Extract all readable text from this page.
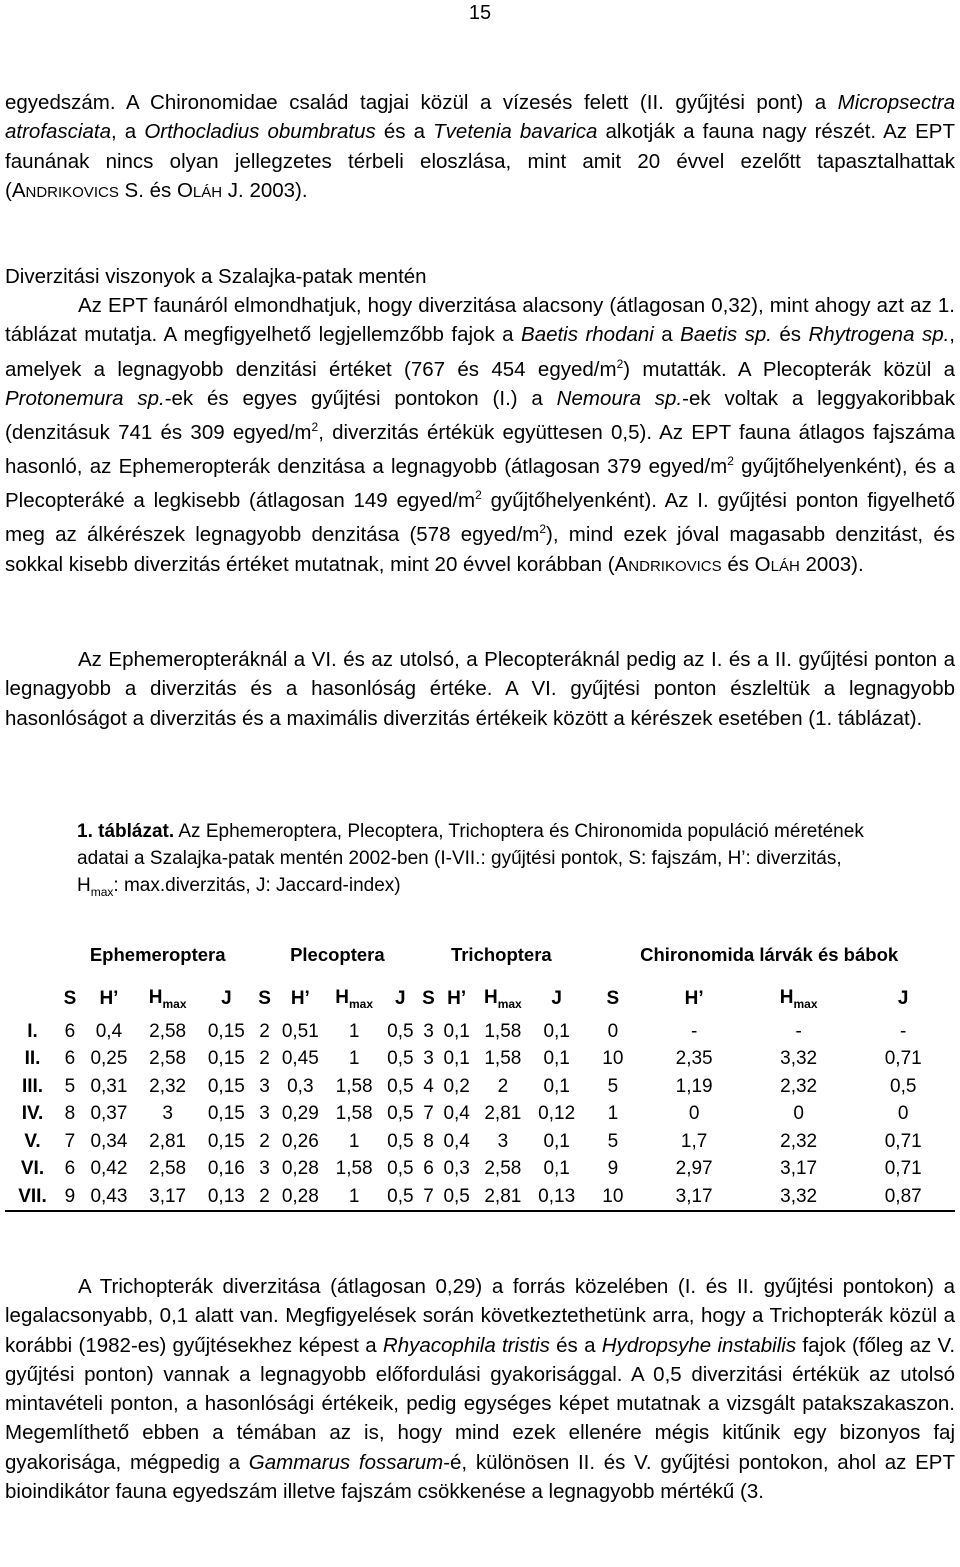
15

egyedszám. A Chironomidae család tagjai közül a vízesés felett (II. gyűjtési pont) a Micropsectra atrofasciata, a Orthocladius obumbratus és a Tvetenia bavarica alkotják a fauna nagy részét. Az EPT faunának nincs olyan jellegzetes térbeli eloszlása, mint amit 20 évvel ezelőtt tapasztalhattak (ANDRIKOVICS S. és OLÁH J. 2003).

Diverzitási viszonyok a Szalajka-patak mentén

Az EPT faunáról elmondhatjuk, hogy diverzitása alacsony (átlagosan 0,32), mint ahogy azt az 1. táblázat mutatja. A megfigyelhető legjellemzőbb fajok a Baetis rhodani a Baetis sp. és Rhytrogena sp., amelyek a legnagyobb denzitási értéket (767 és 454 egyed/$m^2$) mutatták. A Plecopterák közül a Protonemura sp.-ek és egyes gyűjtési pontokon (I.) a Nemoura sp.-ek voltak a leggyakoribbak (denzitásuk 741 és 309 egyed/$m^2$, diverzitás értékük együttesen 0,5). Az EPT fauna átlagos fajszáma hasonló, az Ephemeropterák denzitása a legnagyobb (átlagosan 379 egyed/$m^2$ gyűjtőhelyenként), és a Plecopteráké a legkisebb (átlagosan 149 egyed/$m^2$ gyűjtőhelyenként). Az I. gyűjtési ponton figyelhető meg az álkérészek legnagyobb denzitása (578 egyed/$m^2$), mind ezek jóval magasabb denzitást, és sokkal kisebb diverzitás értéket mutatnak, mint 20 évvel korábban (ANDRIKOVICS és OLÁH 2003).

Az Ephemeropteráknál a VI. és az utolsó, a Plecopteráknál pedig az I. és a II. gyűjtési ponton a legnagyobb a diverzitás és a hasonlóság értéke. A VI. gyűjtési ponton észleltük a legnagyobb hasonlóságot a diverzitás és a maximális diverzitás értékeik között a kérészek esetében (1. táblázat).

1. táblázat. Az Ephemeroptera, Plecoptera, Trichoptera és Chironomida populáció méretének adatai a Szalajka-patak mentén 2002-ben (I-VII.: gyűjtési pontok, S: fajszám, H’: diverzitás, $H_{max}$: max.diverzitás, J: Jaccard-index)

	Ephemeroptera				Plecoptera				Trichoptera				Chironomida lárvák és bábok			
	S	H’	$H_{max}$	J	S	H’	$H_{max}$	J	S	H’	$H_{max}$	J	S	H’	$H_{max}$	J
I.	6	0,4	2,58	0,15	2	0,51	1	0,5	3	0,1	1,58	0,1	0	-	-	-
II.	6	0,25	2,58	0,15	2	0,45	1	0,5	3	0,1	1,58	0,1	10	2,35	3,32	0,71
III.	5	0,31	2,32	0,15	3	0,3	1,58	0,5	4	0,2	2	0,1	5	1,19	2,32	0,5
IV.	8	0,37	3	0,15	3	0,29	1,58	0,5	7	0,4	2,81	0,12	1	0	0	0
V.	7	0,34	2,81	0,15	2	0,26	1	0,5	8	0,4	3	0,1	5	1,7	2,32	0,71
VI.	6	0,42	2,58	0,16	3	0,28	1,58	0,5	6	0,3	2,58	0,1	9	2,97	3,17	0,71
VII.	9	0,43	3,17	0,13	2	0,28	1	0,5	7	0,5	2,81	0,13	10	3,17	3,32	0,87

A Trichopterák diverzitása (átlagosan 0,29) a forrás közelében (I. és II. gyűjtési pontokon) a legalacsonyabb, 0,1 alatt van. Megfigyelések során következtethetünk arra, hogy a Trichopterák közül a korábbi (1982-es) gyűjtésekhez képest a Rhyacophila tristis és a Hydropsyhe instabilis fajok (főleg az V. gyűjtési ponton) vannak a legnagyobb előfordulási gyakorisággal. A 0,5 diverzitási értékük az utolsó mintavételi ponton, a hasonlósági értékeik, pedig egységes képet mutatnak a vizsgált patakszakaszon. Megemlíthető ebben a témában az is, hogy mind ezek ellenére mégis kitűnik egy bizonyos faj gyakorisága, mégpedig a Gammarus fossarum-é, különösen II. és V. gyűjtési pontokon, ahol az EPT bioindikátor fauna egyedszám illetve fajszám csökkenése a legnagyobb mértékű (3.
